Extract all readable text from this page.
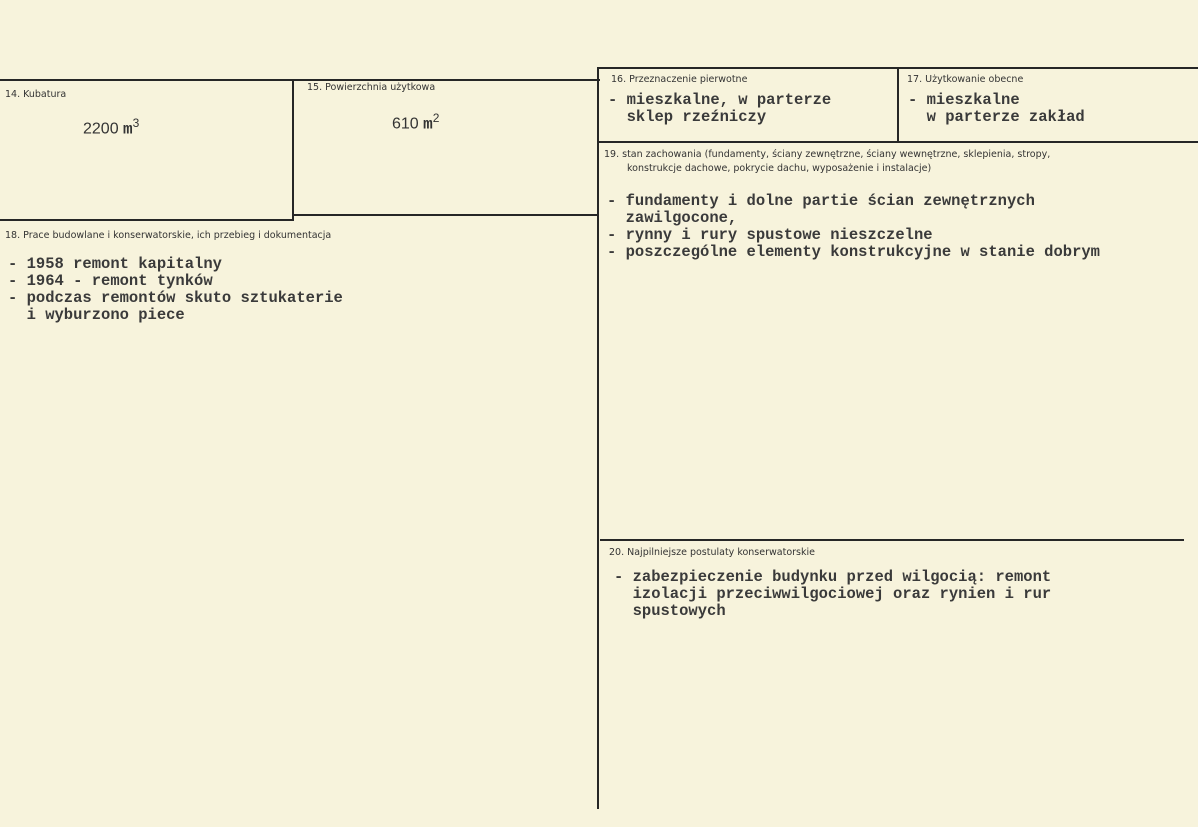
14. Kubatura
2200 $m^3$
15. Powierzchnia użytkowa
610 $m^2$
16. Przeznaczenie pierwotne
- mieszkalne, w parterze
sklep rzeźniczy
17. Użytkowanie obecne
- mieszkalne
w parterze zakład
18. Prace budowlane i konserwatorskie, ich przebieg i dokumentacja
- 1958 remont kapitalny
- 1964 - remont tynków
- podczas remontów skuto sztukaterie
i wyburzono piece
19. stan zachowania (fundamenty, ściany zewnętrzne, ściany wewnętrzne, sklepienia, stropy,
konstrukcje dachowe, pokrycie dachu, wyposażenie i instalacje)
- fundamenty i dolne partie ścian zewnętrznych
zawilgocone,
- rynny i rury spustowe nieszczelne
- poszczególne elementy konstrukcyjne w stanie dobrym
20. Najpilniejsze postulaty konserwatorskie
- zabezpieczenie budynku przed wilgocią: remont
izolacji przeciwwilgociowej oraz rynien i rur
spustowych
